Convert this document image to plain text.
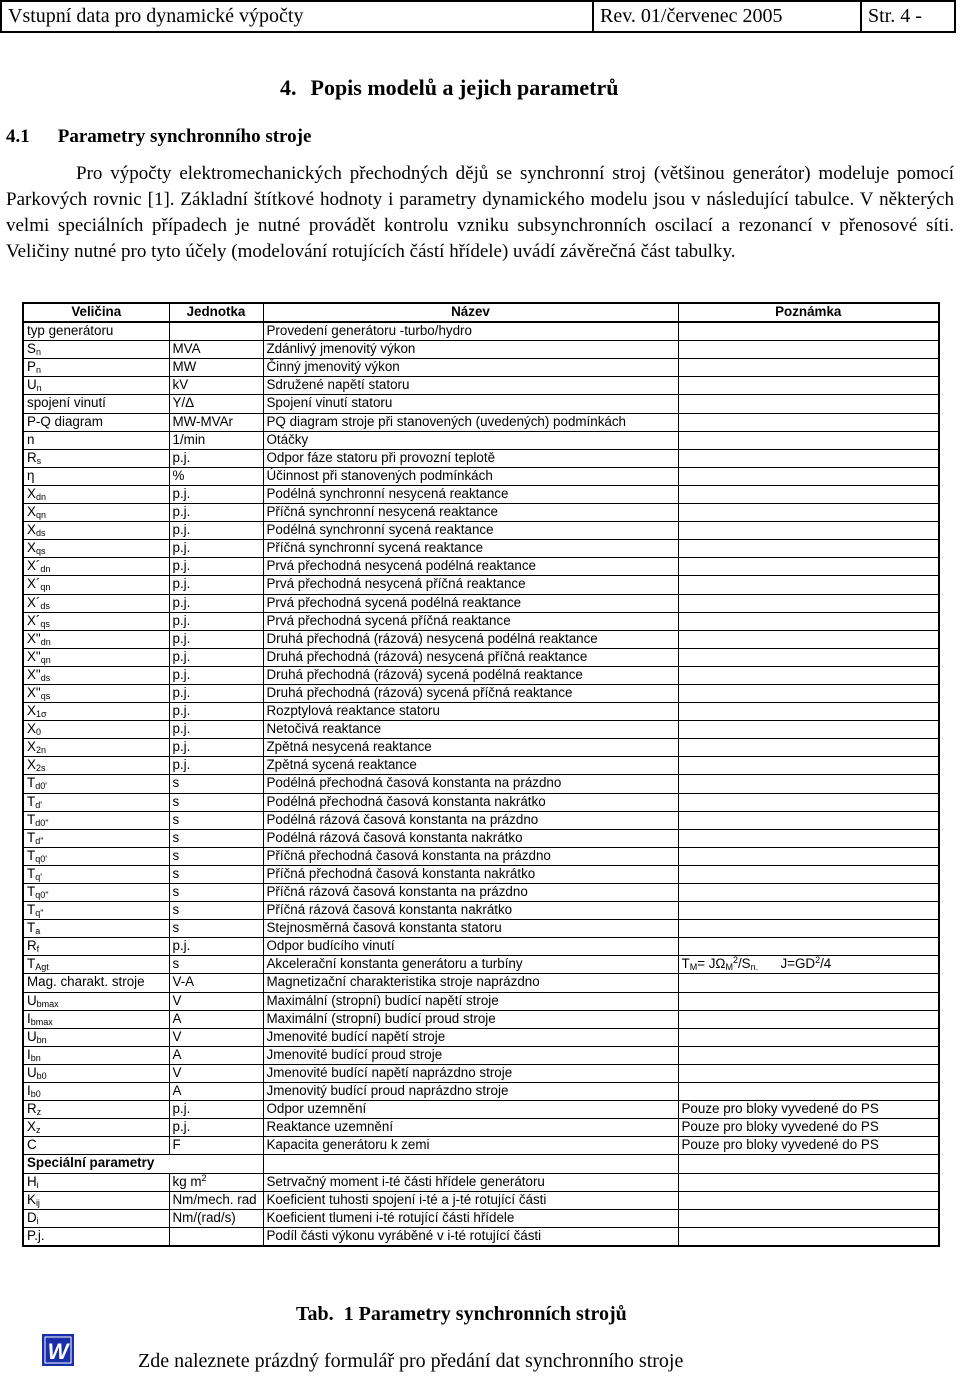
Vstupní data pro dynamické výpočty	Rev. 01/červenec 2005	Str. 4 -
4. Popis modelů a jejich parametrů
4.1 Parametry synchronního stroje
Pro výpočty elektromechanických přechodných dějů se synchronní stroj (většinou generátor) modeluje pomocí Parkových rovnic [1]. Základní štítkové hodnoty i parametry dynamického modelu jsou v následující tabulce. V některých velmi speciálních případech je nutné provádět kontrolu vzniku subsynchronních oscilací a rezonancí v přenosové síti. Veličiny nutné pro tyto účely (modelování rotujících částí hřídele) uvádí závěrečná část tabulky.
Veličina	Jednotka	Název	Poznámka
typ generátoru		Provedení generátoru -turbo/hydro	
$S_n$	MVA	Zdánlivý jmenovitý výkon	
$P_n$	MW	Činný jmenovitý výkon	
$U_n$	kV	Sdružené napětí statoru	
spojení vinutí	Y/Δ	Spojení vinutí statoru	
P-Q diagram	MW-MVAr	PQ diagram stroje při stanovených (uvedených) podmínkách	
n	1/min	Otáčky	
$R_s$	p.j.	Odpor fáze statoru při provozní teplotě	
η	%	Účinnost při stanovených podmínkách	
$X_{dn}$	p.j.	Podélná synchronní nesycená reaktance	
$X_{qn}$	p.j.	Příčná synchronní nesycená reaktance	
$X_{ds}$	p.j.	Podélná synchronní sycená reaktance	
$X_{qs}$	p.j.	Příčná synchronní sycená reaktance	
$X´_{dn}$	p.j.	Prvá přechodná nesycená podélná reaktance	
$X´_{qn}$	p.j.	Prvá přechodná nesycená příčná reaktance	
$X´_{ds}$	p.j.	Prvá přechodná sycená podélná reaktance	
$X´_{qs}$	p.j.	Prvá přechodná sycená příčná reaktance	
$X"_{dn}$	p.j.	Druhá přechodná (rázová) nesycená podélná reaktance	
$X"_{qn}$	p.j.	Druhá přechodná (rázová) nesycená příčná reaktance	
$X"_{ds}$	p.j.	Druhá přechodná (rázová) sycená podélná reaktance	
$X"_{qs}$	p.j.	Druhá přechodná (rázová) sycená příčná reaktance	
$X_{1\sigma}$	p.j.	Rozptylová reaktance statoru	
$X_0$	p.j.	Netočivá reaktance	
$X_{2n}$	p.j.	Zpětná nesycená reaktance	
$X_{2s}$	p.j.	Zpětná sycená reaktance	
$T_{d0'}$	s	Podélná přechodná časová konstanta na prázdno	
$T_{d'}$	s	Podélná přechodná časová konstanta nakrátko	
$T_{d0''}$	s	Podélná rázová časová konstanta na prázdno	
$T_{d''}$	s	Podélná rázová časová konstanta nakrátko	
$T_{q0'}$	s	Příčná přechodná časová konstanta na prázdno	
$T_{q'}$	s	Příčná přechodná časová konstanta nakrátko	
$T_{q0''}$	s	Příčná rázová časová konstanta na prázdno	
$T_{q''}$	s	Příčná rázová časová konstanta nakrátko	
$T_a$	s	Stejnosměrná časová konstanta statoru	
$R_f$	p.j.	Odpor budícího vinutí	
$T_{Agt}$	s	Akcelerační konstanta generátoru a turbíny	$T_M= J\Omega_M^2/S_{n.}$ $J=GD^2/4$
Mag. charakt. stroje	V-A	Magnetizační charakteristika stroje naprázdno	
$U_{bmax}$	V	Maximální (stropní) budící napětí stroje	
$I_{bmax}$	A	Maximální (stropní) budící proud stroje	
$U_{bn}$	V	Jmenovité budící napětí stroje	
$I_{bn}$	A	Jmenovité budící proud stroje	
$U_{b0}$	V	Jmenovité budící napětí naprázdno stroje	
$I_{b0}$	A	Jmenovitý budící proud naprázdno stroje	
$R_z$	p.j.	Odpor uzemnění	Pouze pro bloky vyvedené do PS
$X_z$	p.j.	Reaktance uzemnění	Pouze pro bloky vyvedené do PS
C	F	Kapacita generátoru k zemi	Pouze pro bloky vyvedené do PS
Speciální parametry			
$H_i$	kg $m^2$	Setrvačný moment i-té části hřídele generátoru	
$K_{ij}$	Nm/mech. rad	Koeficient tuhosti spojení i-té a j-té rotující části	
$D_i$	Nm/(rad/s)	Koeficient tlumeni i-té rotující části hřídele	
P.j.		Podíl části výkonu vyráběné v i-té rotující části	
Tab. 1 Parametry synchronních strojů
W	Zde naleznete prázdný formulář pro předání dat synchronního stroje
